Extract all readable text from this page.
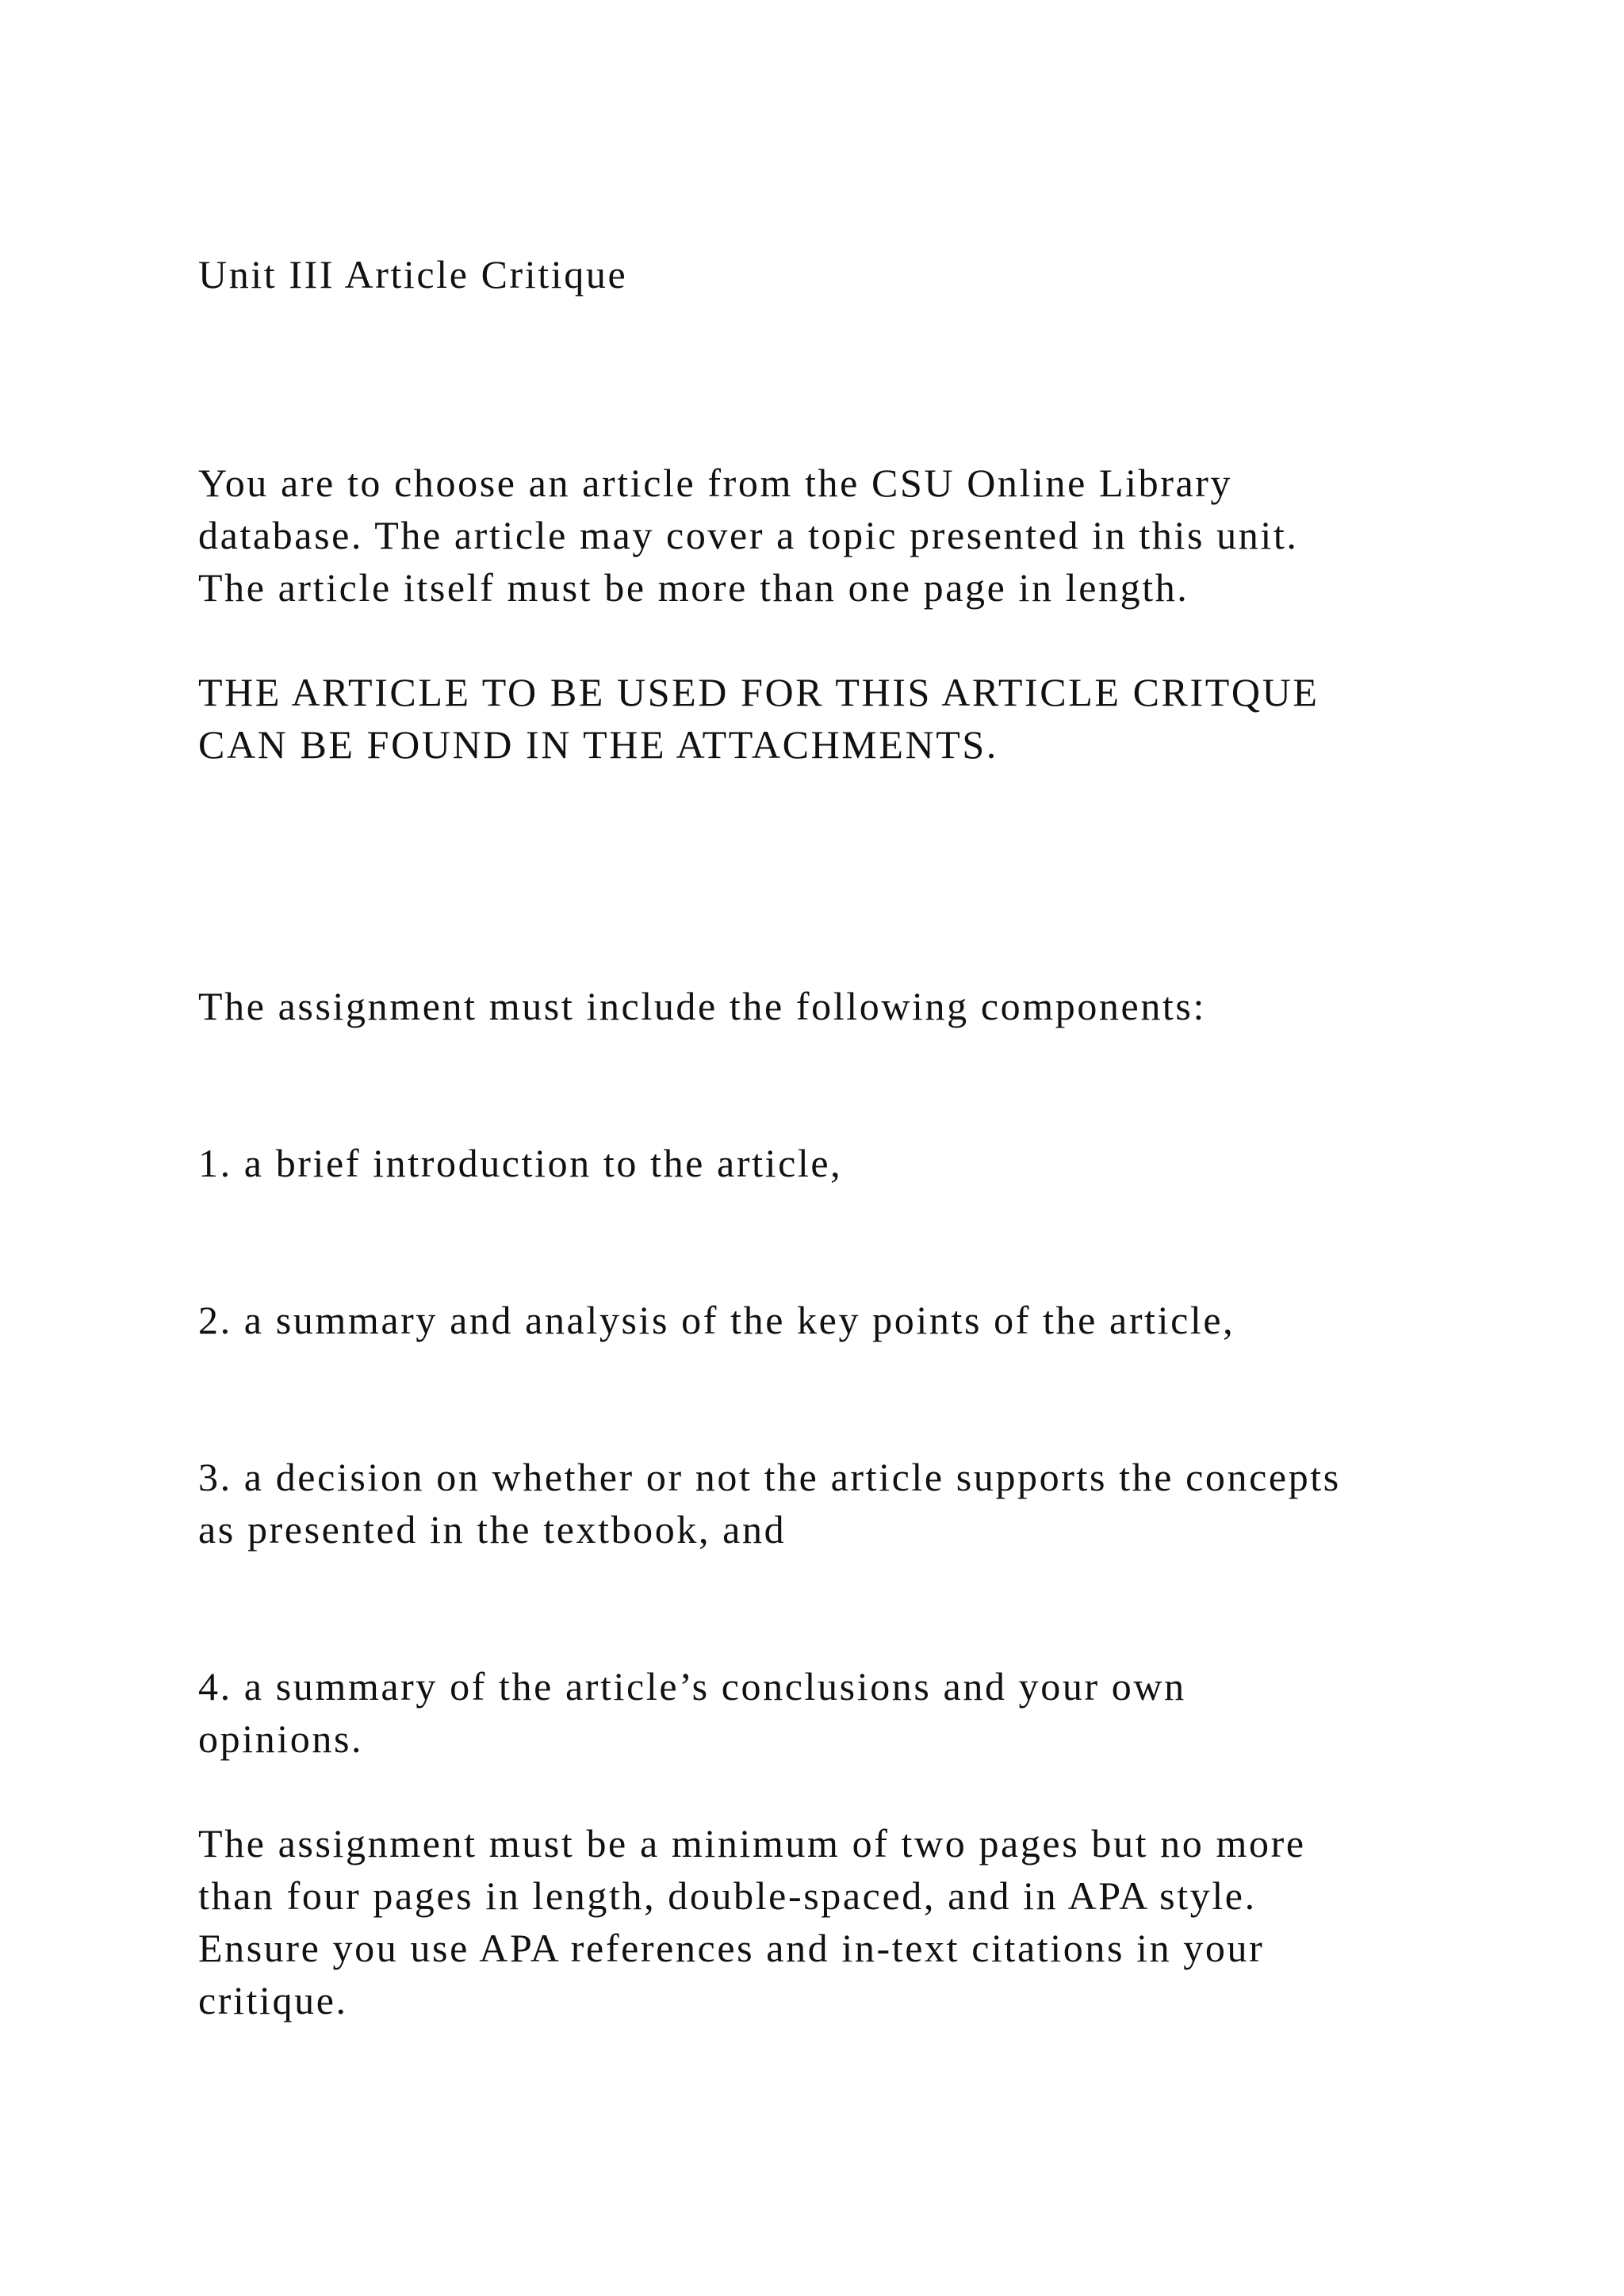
Unit III Article Critique

You are to choose an article from the CSU Online Library

database. The article may cover a topic presented in this unit.

The article itself must be more than one page in length.

THE ARTICLE TO BE USED FOR THIS ARTICLE CRITQUE

CAN BE FOUND IN THE ATTACHMENTS.

The assignment must include the following components:

1. a brief introduction to the article,

2. a summary and analysis of the key points of the article,

3. a decision on whether or not the article supports the concepts

as presented in the textbook, and

4. a summary of the article’s conclusions and your own

opinions.

The assignment must be a minimum of two pages but no more

than four pages in length, double-spaced, and in APA style.

Ensure you use APA references and in-text citations in your

critique.
